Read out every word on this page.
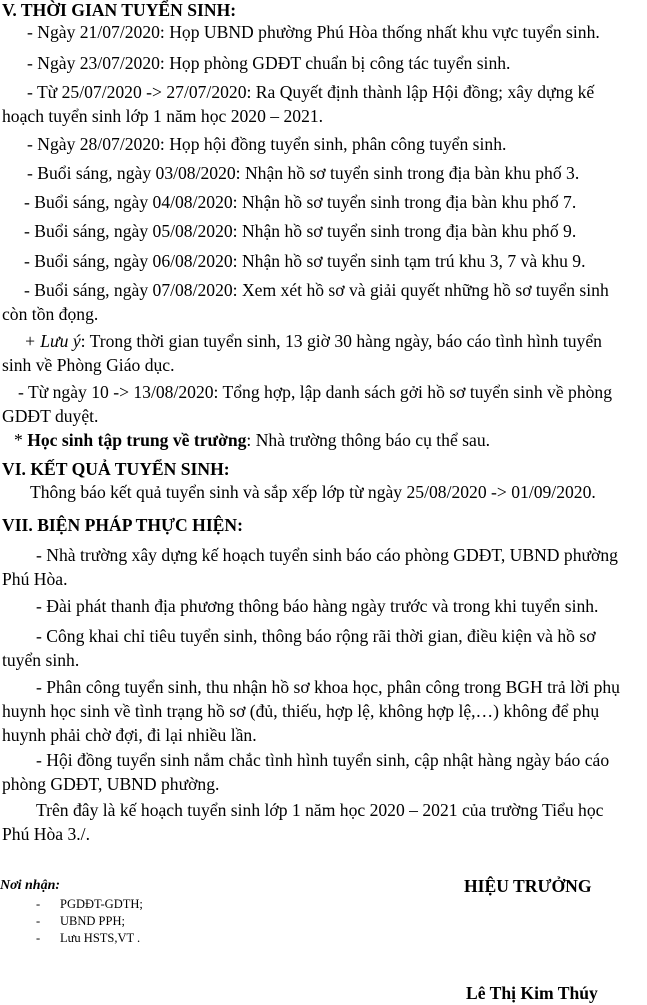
V. THỜI GIAN TUYỂN SINH:
- Ngày 21/07/2020: Họp UBND phường Phú Hòa thống nhất khu vực tuyển sinh.
- Ngày 23/07/2020: Họp phòng GDĐT chuẩn bị công tác tuyển sinh.
- Từ 25/07/2020 -> 27/07/2020: Ra Quyết định thành lập Hội đồng; xây dựng kế
hoạch tuyển sinh lớp 1 năm học 2020 – 2021.
- Ngày 28/07/2020: Họp hội đồng tuyển sinh, phân công tuyển sinh.
- Buổi sáng, ngày 03/08/2020: Nhận hồ sơ tuyển sinh trong địa bàn khu phố 3.
- Buổi sáng, ngày 04/08/2020: Nhận hồ sơ tuyển sinh trong địa bàn khu phố 7.
- Buổi sáng, ngày 05/08/2020: Nhận hồ sơ tuyển sinh trong địa bàn khu phố 9.
- Buổi sáng, ngày 06/08/2020: Nhận hồ sơ tuyển sinh tạm trú khu 3, 7 và khu 9.
- Buổi sáng, ngày 07/08/2020: Xem xét hồ sơ và giải quyết những hồ sơ tuyển sinh
còn tồn đọng.
+ Lưu ý: Trong thời gian tuyển sinh, 13 giờ 30 hàng ngày, báo cáo tình hình tuyển
sinh về Phòng Giáo dục.
- Từ ngày 10 -> 13/08/2020: Tổng hợp, lập danh sách gởi hồ sơ tuyển sinh về phòng
GDĐT duyệt.
* Học sinh tập trung về trường: Nhà trường thông báo cụ thể sau.
VI. KẾT QUẢ TUYỂN SINH:
Thông báo kết quả tuyển sinh và sắp xếp lớp từ ngày 25/08/2020 -> 01/09/2020.
VII. BIỆN PHÁP THỰC HIỆN:
- Nhà trường xây dựng kế hoạch tuyển sinh báo cáo phòng GDĐT, UBND phường
Phú Hòa.
- Đài phát thanh địa phương thông báo hàng ngày trước và trong khi tuyển sinh.
- Công khai chỉ tiêu tuyển sinh, thông báo rộng rãi thời gian, điều kiện và hồ sơ
tuyển sinh.
- Phân công tuyển sinh, thu nhận hồ sơ khoa học, phân công trong BGH trả lời phụ
huynh học sinh về tình trạng hồ sơ (đủ, thiếu, hợp lệ, không hợp lệ,…) không để phụ
huynh phải chờ đợi, đi lại nhiều lần.
- Hội đồng tuyển sinh nắm chắc tình hình tuyển sinh, cập nhật hàng ngày báo cáo
phòng GDĐT, UBND phường.
Trên đây là kế hoạch tuyển sinh lớp 1 năm học 2020 – 2021 của trường Tiểu học
Phú Hòa 3./.
Nơi nhận:
- PGDĐT-GDTH;
- UBND PPH;
- Lưu HSTS,VT .
HIỆU TRƯỞNG
Lê Thị Kim Thúy
